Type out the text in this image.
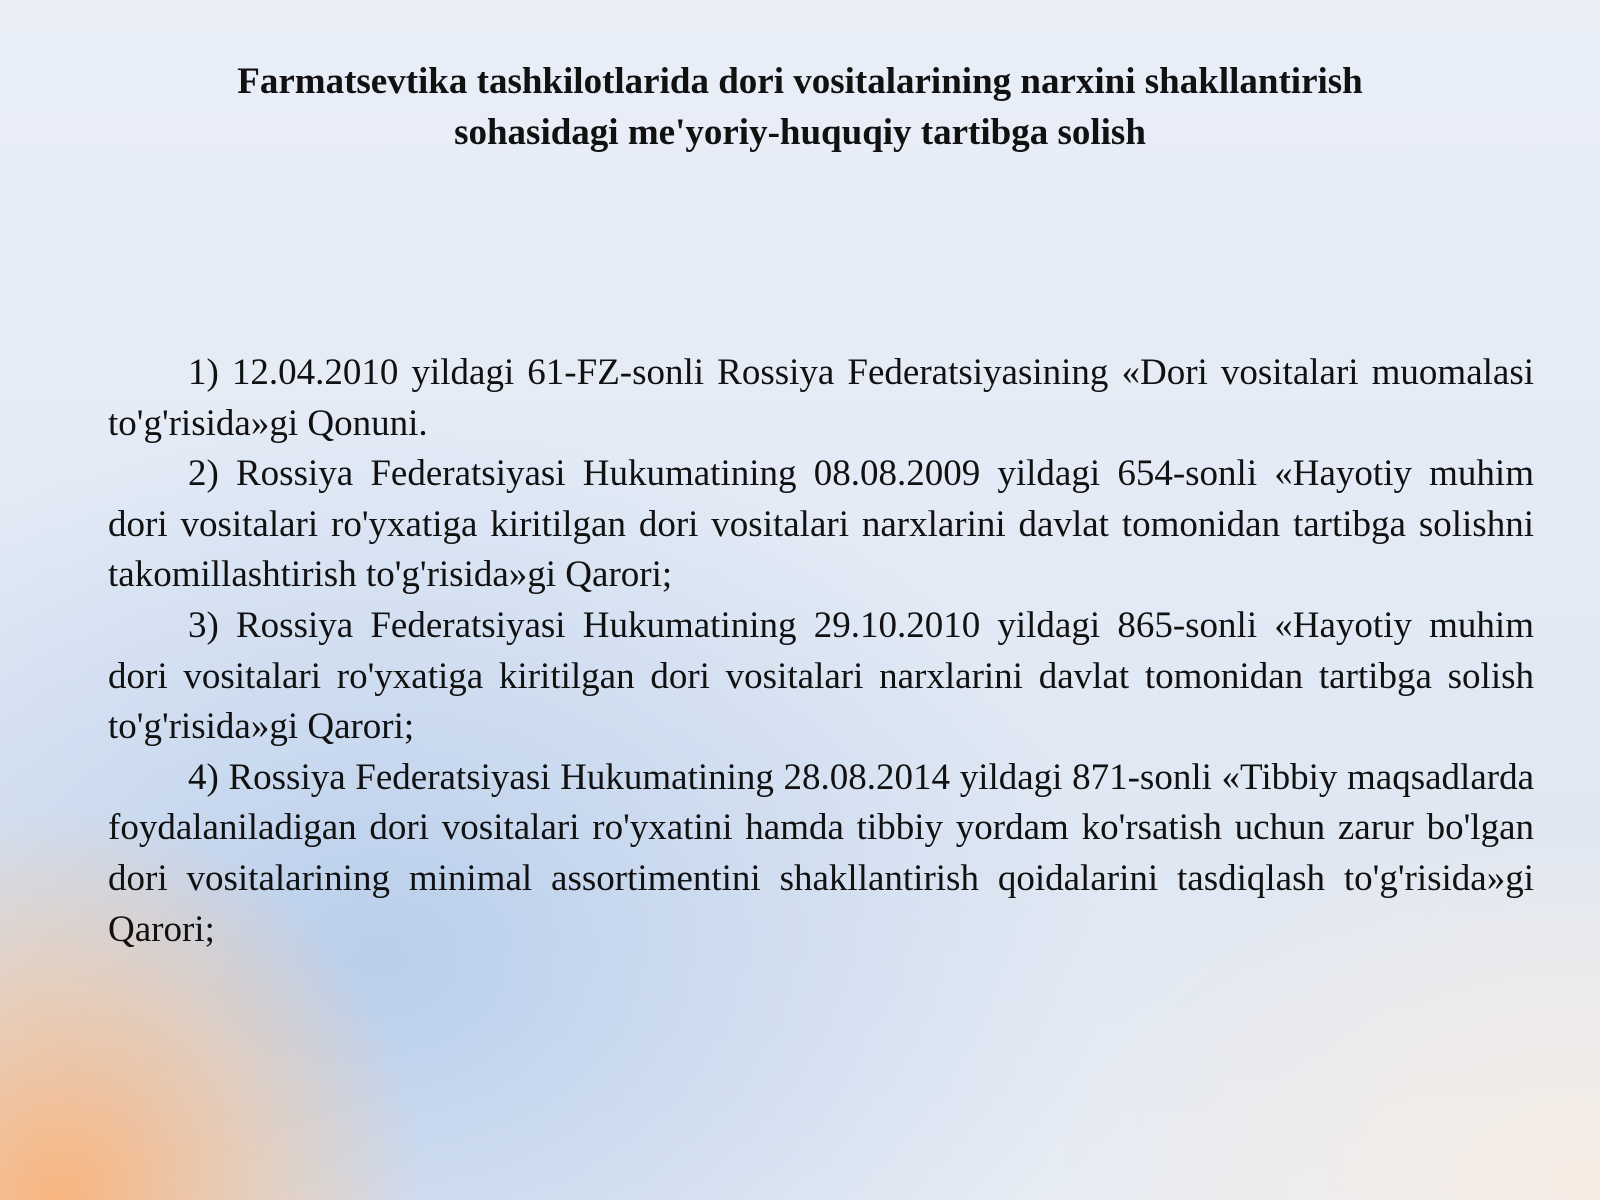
Farmatsevtika tashkilotlarida dori vositalarining narxini shakllantirish
sohasidagi me'yoriy-huquqiy tartibga solish

1) 12.04.2010 yildagi 61-FZ-sonli Rossiya Federatsiyasining «Dori vositalari muomalasi to'g'risida»gi Qonuni.

2) Rossiya Federatsiyasi Hukumatining 08.08.2009 yildagi 654-sonli «Hayotiy muhim dori vositalari ro'yxatiga kiritilgan dori vositalari narxlarini davlat tomonidan tartibga solishni takomillashtirish to'g'risida»gi Qarori;

3) Rossiya Federatsiyasi Hukumatining 29.10.2010 yildagi 865-sonli «Hayotiy muhim dori vositalari ro'yxatiga kiritilgan dori vositalari narxlarini davlat tomonidan tartibga solish to'g'risida»gi Qarori;

4) Rossiya Federatsiyasi Hukumatining 28.08.2014 yildagi 871-sonli «Tibbiy maqsadlarda foydalaniladigan dori vositalari ro'yxatini hamda tibbiy yordam ko'rsatish uchun zarur bo'lgan dori vositalarining minimal assortimentini shakllantirish qoidalarini tasdiqlash to'g'risida»gi Qarori;
